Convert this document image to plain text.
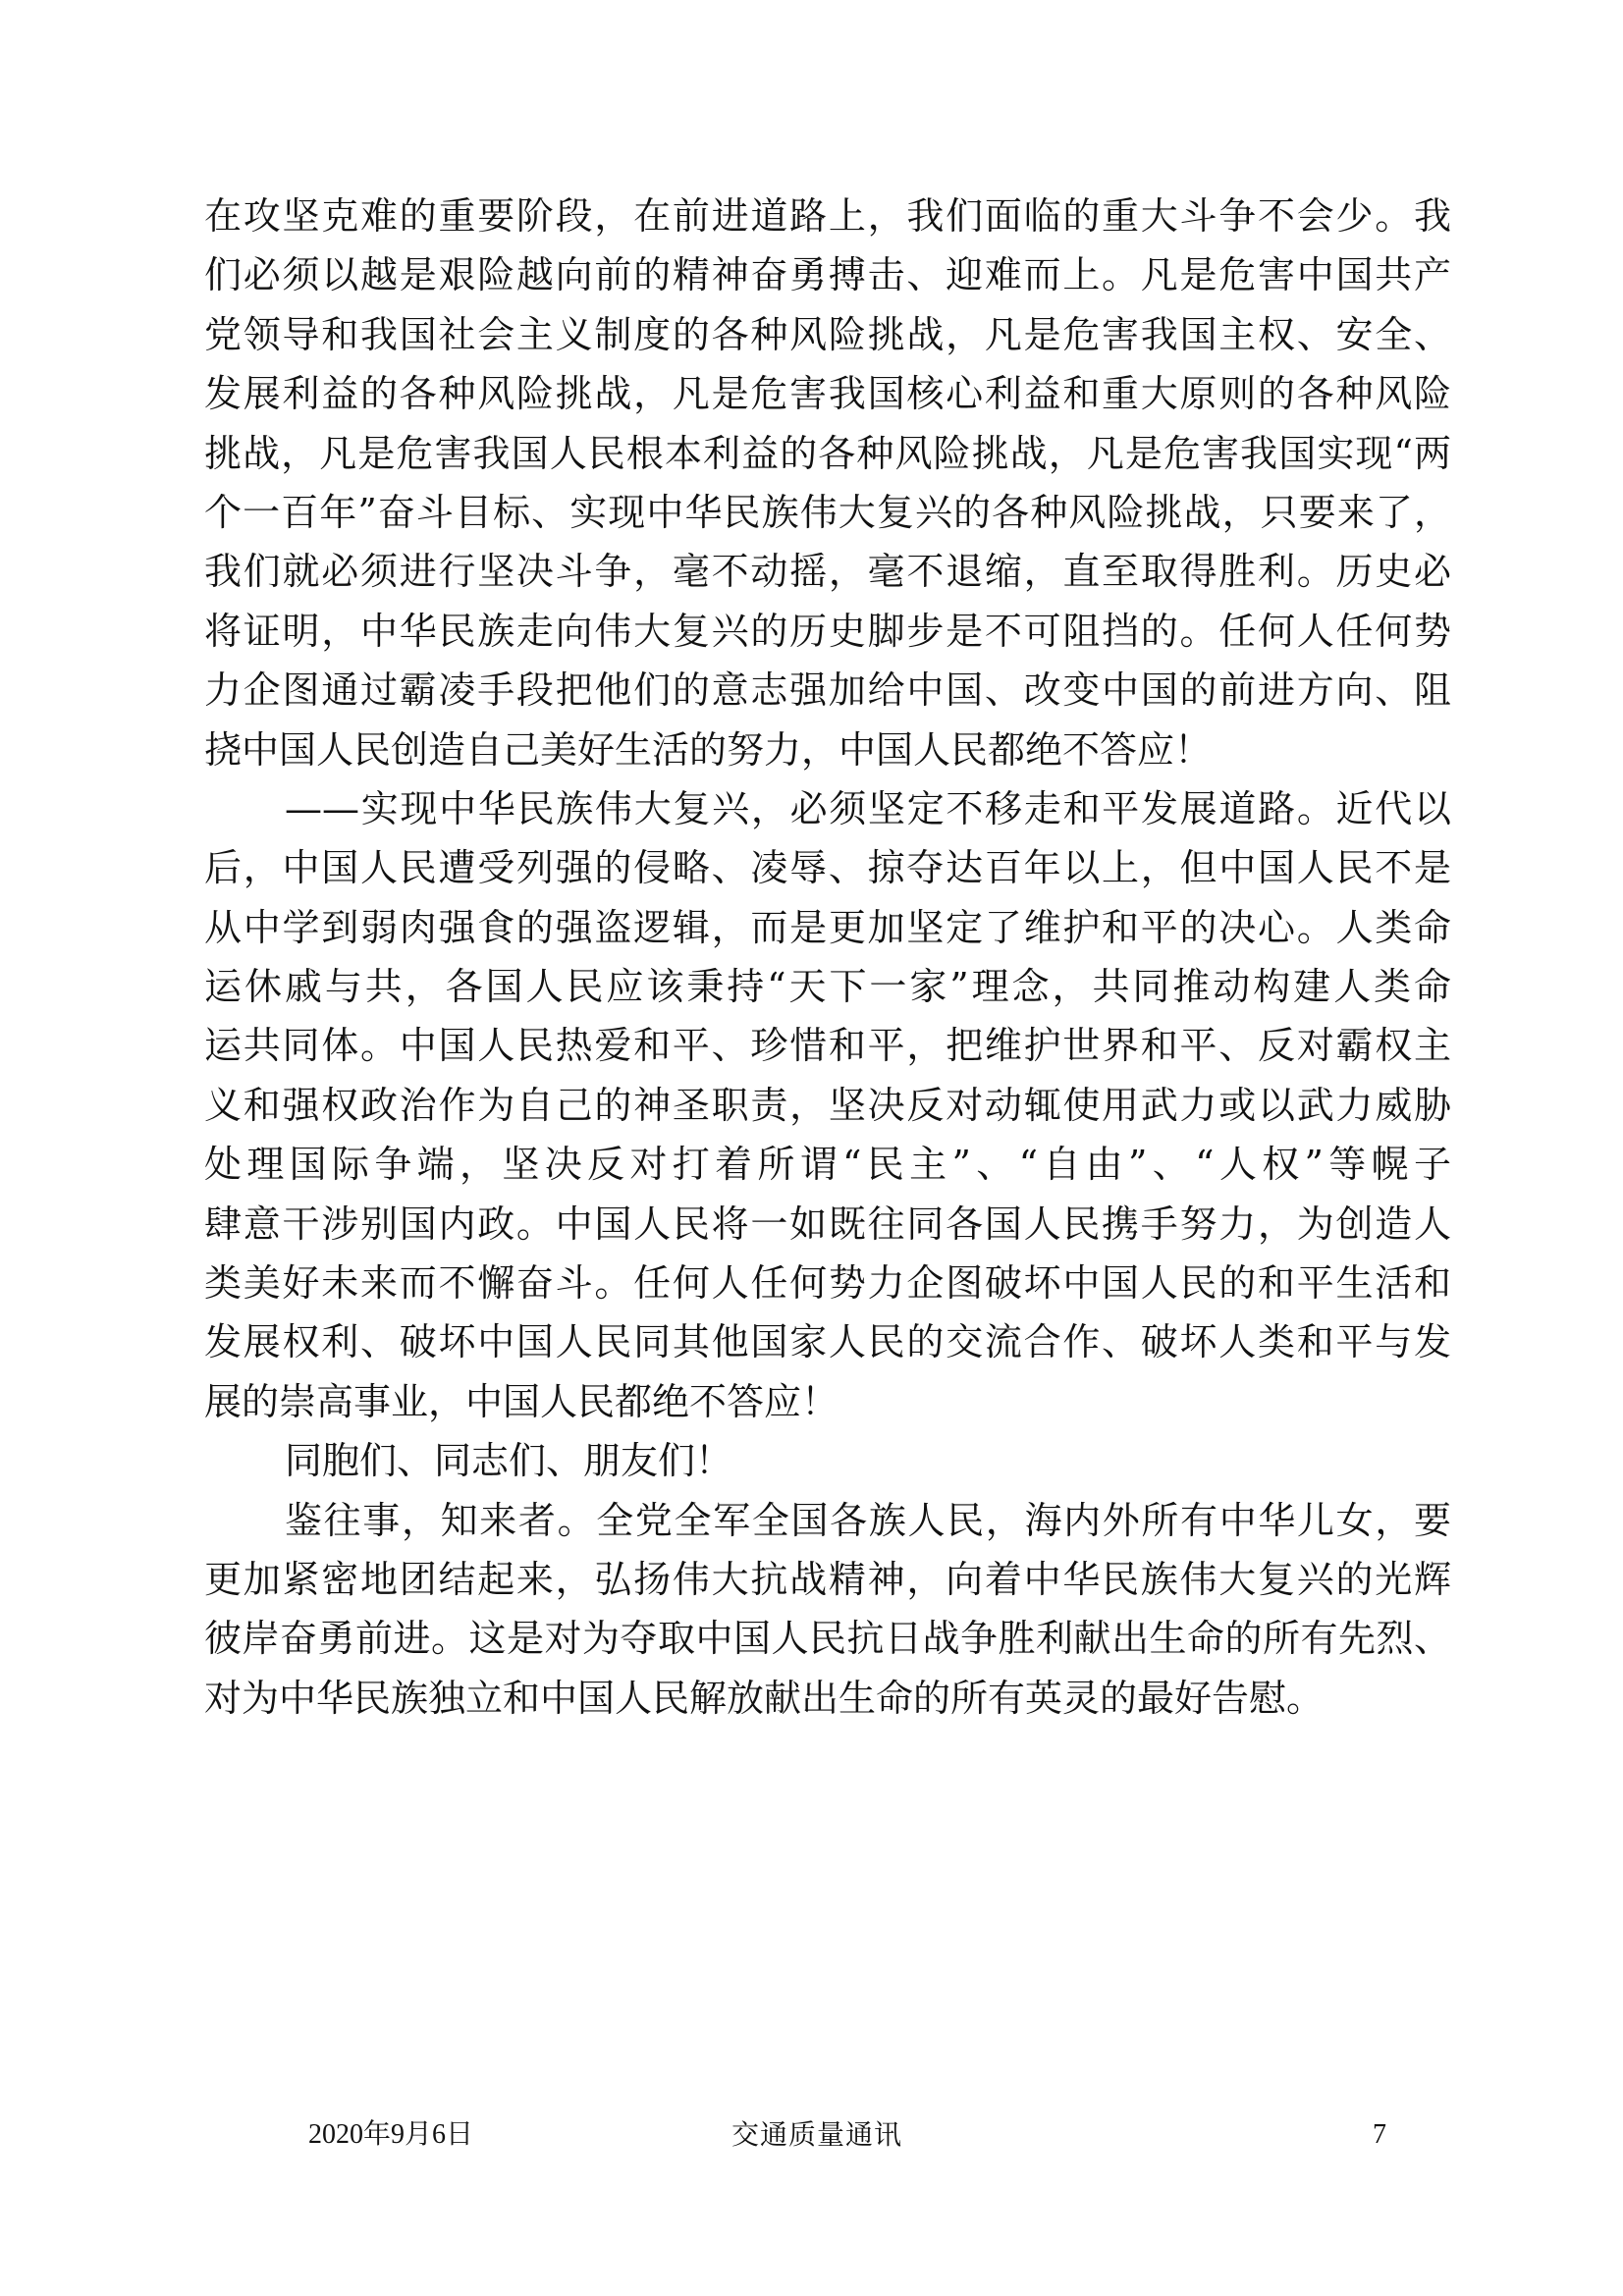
在攻坚克难的重要阶段，在前进道路上，我们面临的重大斗争不会少。我
们必须以越是艰险越向前的精神奋勇搏击、迎难而上。凡是危害中国共产
党领导和我国社会主义制度的各种风险挑战，凡是危害我国主权、安全、
发展利益的各种风险挑战，凡是危害我国核心利益和重大原则的各种风险
挑战，凡是危害我国人民根本利益的各种风险挑战，凡是危害我国实现“两
个一百年”奋斗目标、实现中华民族伟大复兴的各种风险挑战，只要来了，
我们就必须进行坚决斗争，毫不动摇，毫不退缩，直至取得胜利。历史必
将证明，中华民族走向伟大复兴的历史脚步是不可阻挡的。任何人任何势
力企图通过霸凌手段把他们的意志强加给中国、改变中国的前进方向、阻
挠中国人民创造自己美好生活的努力，中国人民都绝不答应！
——实现中华民族伟大复兴，必须坚定不移走和平发展道路。近代以
后，中国人民遭受列强的侵略、凌辱、掠夺达百年以上，但中国人民不是
从中学到弱肉强食的强盗逻辑，而是更加坚定了维护和平的决心。人类命
运休戚与共，各国人民应该秉持“天下一家”理念，共同推动构建人类命
运共同体。中国人民热爱和平、珍惜和平，把维护世界和平、反对霸权主
义和强权政治作为自己的神圣职责，坚决反对动辄使用武力或以武力威胁
处理国际争端，坚决反对打着所谓“民主”、“自由”、“人权”等幌子
肆意干涉别国内政。中国人民将一如既往同各国人民携手努力，为创造人
类美好未来而不懈奋斗。任何人任何势力企图破坏中国人民的和平生活和
发展权利、破坏中国人民同其他国家人民的交流合作、破坏人类和平与发
展的崇高事业，中国人民都绝不答应！
同胞们、同志们、朋友们！
鉴往事，知来者。全党全军全国各族人民，海内外所有中华儿女，要
更加紧密地团结起来，弘扬伟大抗战精神，向着中华民族伟大复兴的光辉
彼岸奋勇前进。这是对为夺取中国人民抗日战争胜利献出生命的所有先烈、
对为中华民族独立和中国人民解放献出生命的所有英灵的最好告慰。
2020年9月6日	交通质量通讯	7
